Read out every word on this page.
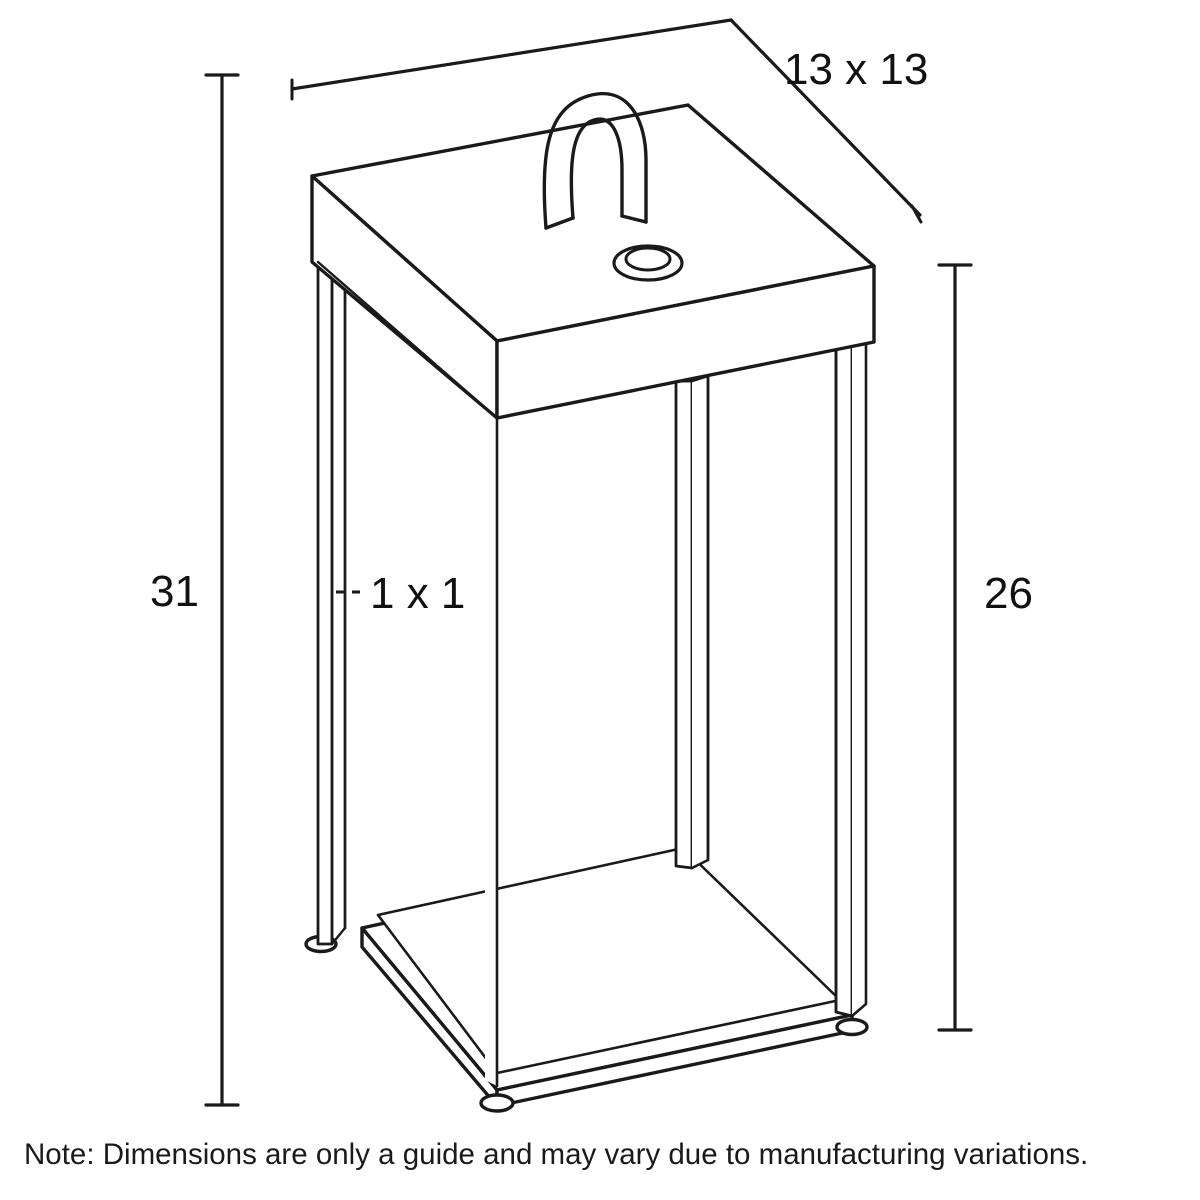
13 x 13
31	1 x 1	26
Note: Dimensions are only a guide and may vary due to manufacturing variations.
